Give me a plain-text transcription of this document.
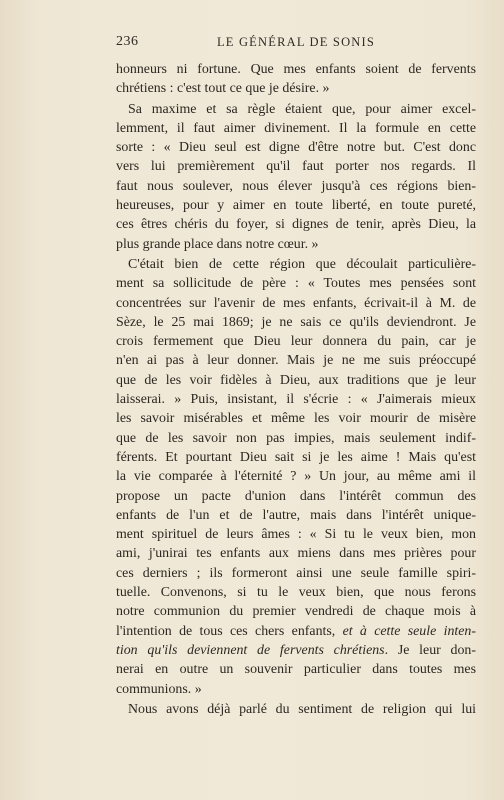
236	LE GÉNÉRAL DE SONIS
honneurs ni fortune. Que mes enfants soient de fervents
chrétiens : c'est tout ce que je désire. »
Sa maxime et sa règle étaient que, pour aimer excel-
lemment, il faut aimer divinement. Il la formule en cette
sorte : « Dieu seul est digne d'être notre but. C'est donc
vers lui premièrement qu'il faut porter nos regards. Il
faut nous soulever, nous élever jusqu'à ces régions bien-
heureuses, pour y aimer en toute liberté, en toute pureté,
ces êtres chéris du foyer, si dignes de tenir, après Dieu, la
plus grande place dans notre cœur. »
C'était bien de cette région que découlait particulière-
ment sa sollicitude de père : « Toutes mes pensées sont
concentrées sur l'avenir de mes enfants, écrivait-il à M. de
Sèze, le 25 mai 1869; je ne sais ce qu'ils deviendront. Je
crois fermement que Dieu leur donnera du pain, car je
n'en ai pas à leur donner. Mais je ne me suis préoccupé
que de les voir fidèles à Dieu, aux traditions que je leur
laisserai. » Puis, insistant, il s'écrie : « J'aimerais mieux
les savoir misérables et même les voir mourir de misère
que de les savoir non pas impies, mais seulement indif-
férents. Et pourtant Dieu sait si je les aime ! Mais qu'est
la vie comparée à l'éternité ? » Un jour, au même ami il
propose un pacte d'union dans l'intérêt commun des
enfants de l'un et de l'autre, mais dans l'intérêt unique-
ment spirituel de leurs âmes : « Si tu le veux bien, mon
ami, j'unirai tes enfants aux miens dans mes prières pour
ces derniers ; ils formeront ainsi une seule famille spiri-
tuelle. Convenons, si tu le veux bien, que nous ferons
notre communion du premier vendredi de chaque mois à
l'intention de tous ces chers enfants, et à cette seule inten-
tion qu'ils deviennent de fervents chrétiens. Je leur don-
nerai en outre un souvenir particulier dans toutes mes
communions. »
Nous avons déjà parlé du sentiment de religion qui lui
